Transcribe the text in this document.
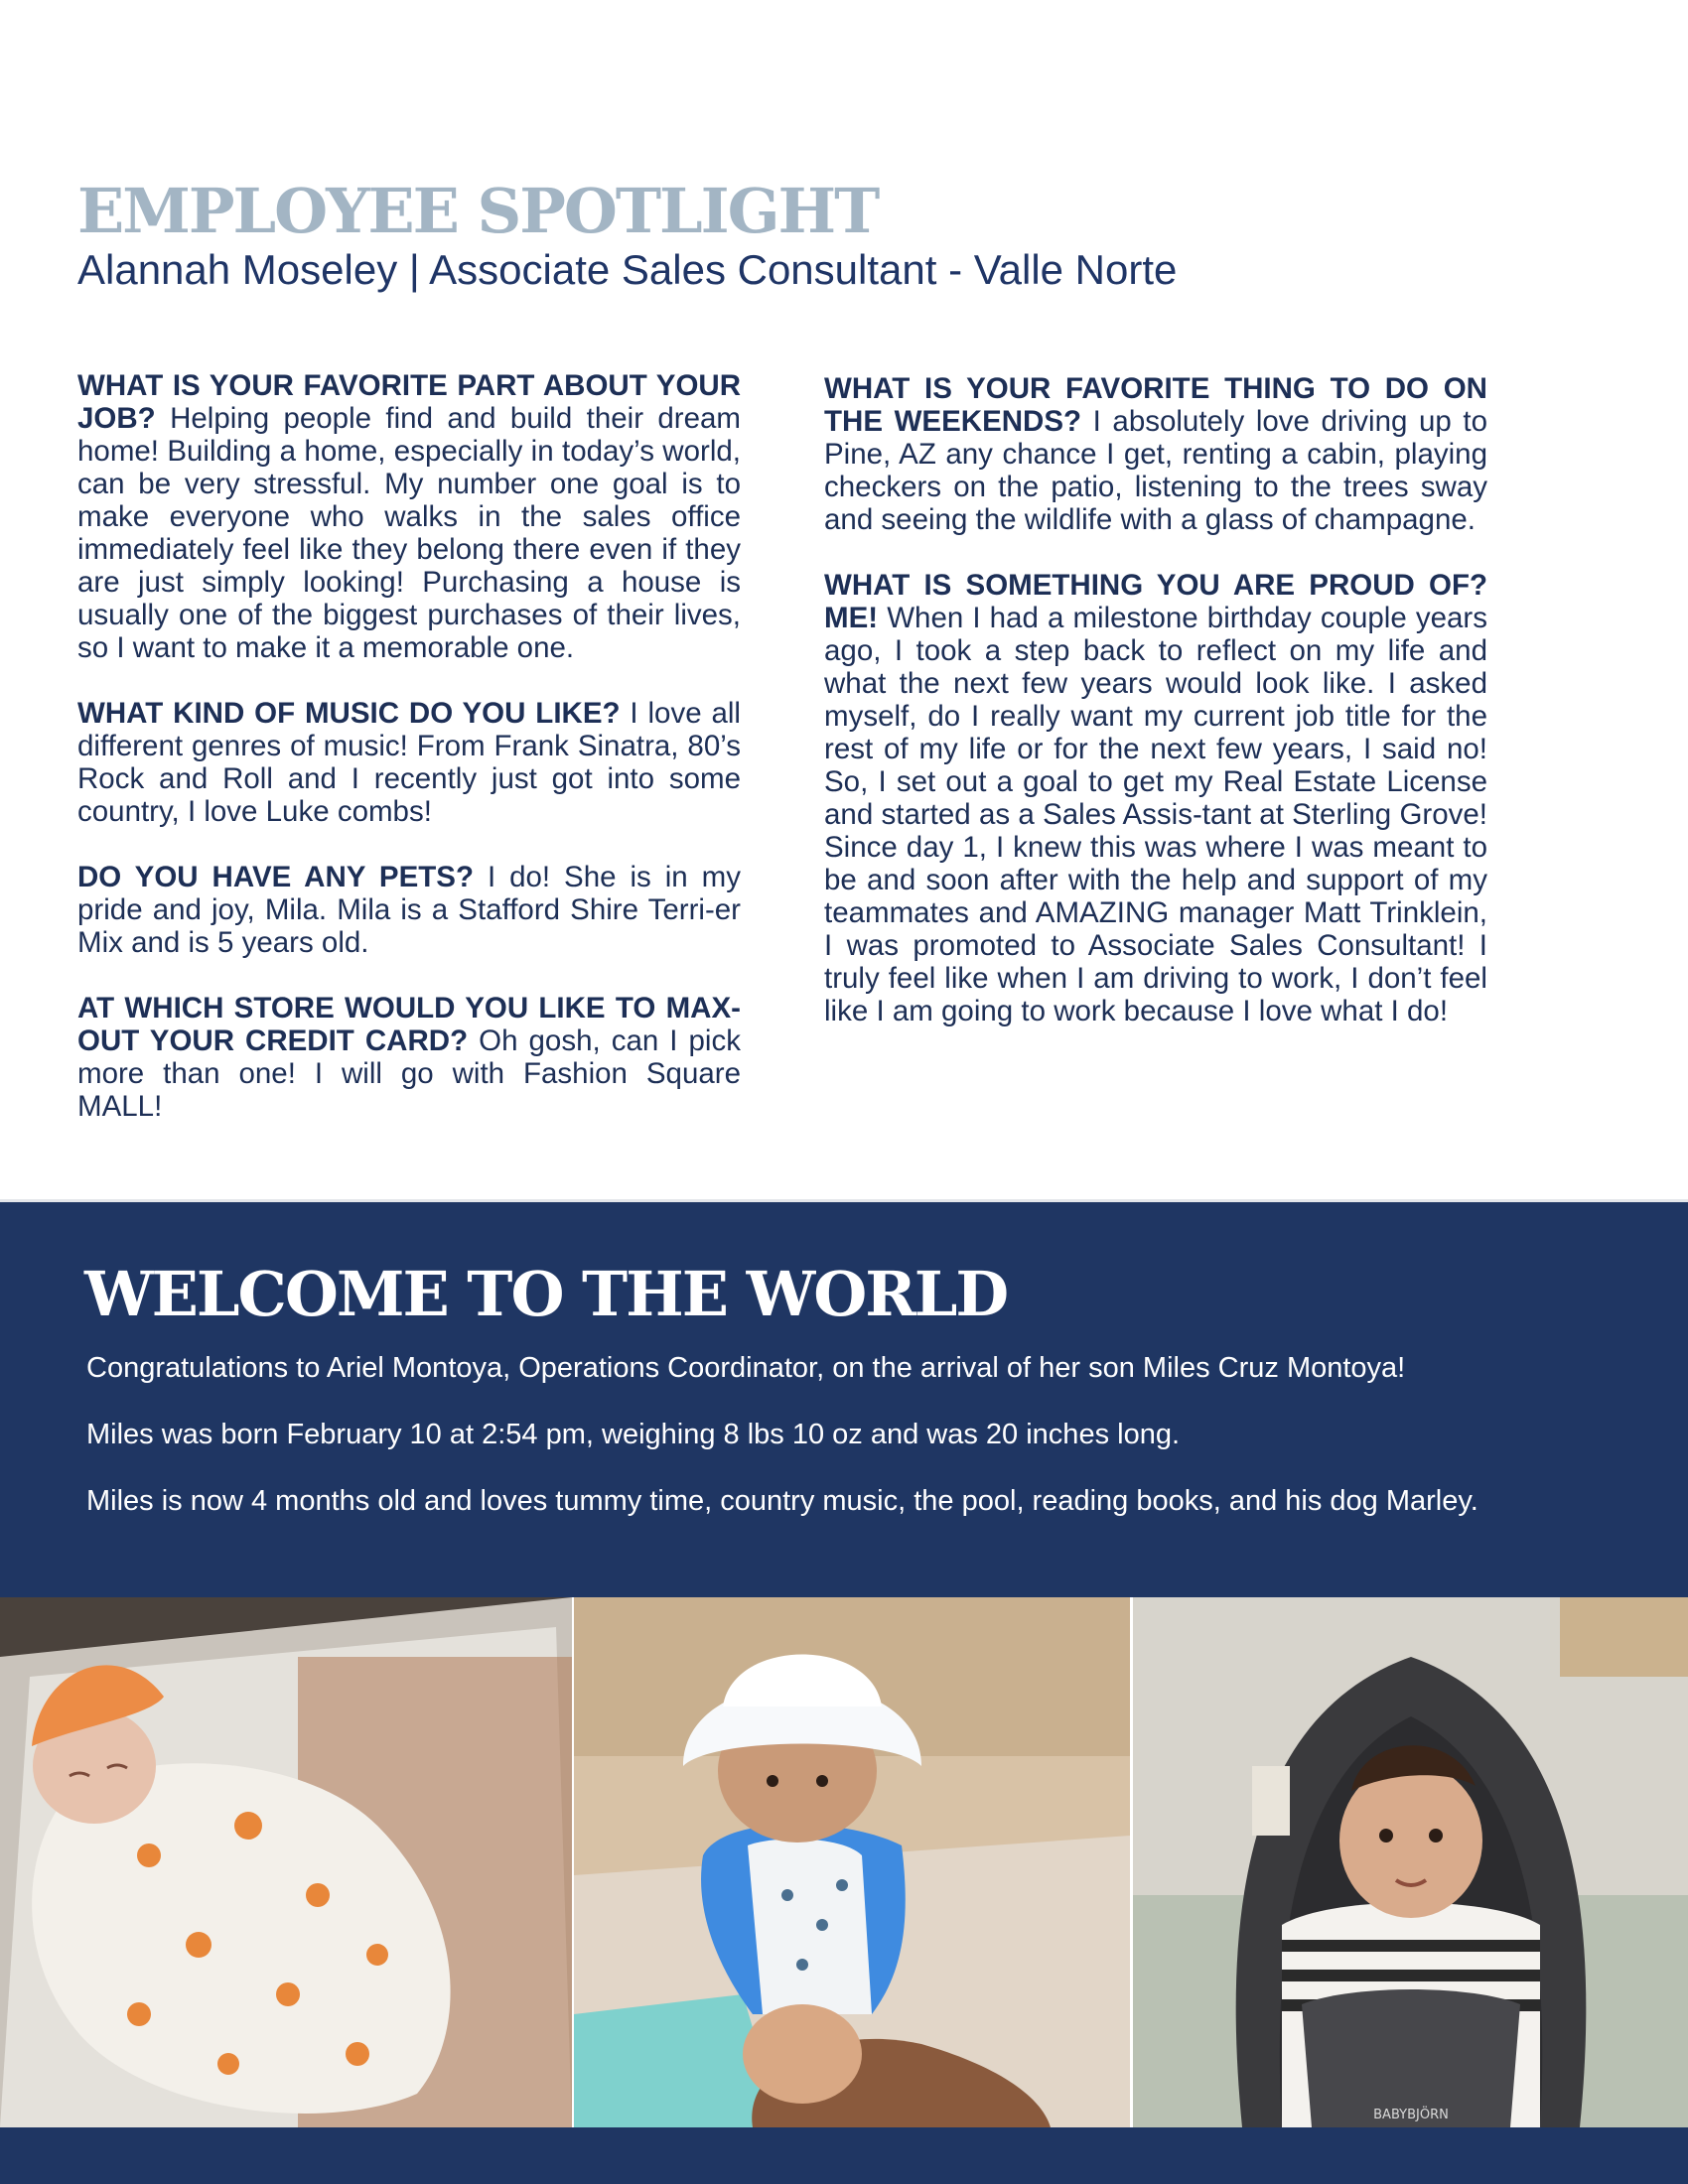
EMPLOYEE SPOTLIGHT
Alannah Moseley | Associate Sales Consultant - Valle Norte

WHAT IS YOUR FAVORITE PART ABOUT YOUR JOB? Helping people find and build their dream home! Building a home, especially in today’s world, can be very stressful. My number one goal is to make everyone who walks in the sales office immediately feel like they belong there even if they are just simply looking! Purchasing a house is usually one of the biggest purchases of their lives, so I want to make it a memorable one.

WHAT KIND OF MUSIC DO YOU LIKE? I love all different genres of music! From Frank Sinatra, 80’s Rock and Roll and I recently just got into some country, I love Luke combs!

DO YOU HAVE ANY PETS? I do! She is in my pride and joy, Mila. Mila is a Stafford Shire Terri-er Mix and is 5 years old.

AT WHICH STORE WOULD YOU LIKE TO MAX-OUT YOUR CREDIT CARD? Oh gosh, can I pick more than one! I will go with Fashion Square MALL!

WHAT IS YOUR FAVORITE THING TO DO ON THE WEEKENDS? I absolutely love driving up to Pine, AZ any chance I get, renting a cabin, playing checkers on the patio, listening to the trees sway and seeing the wildlife with a glass of champagne.

WHAT IS SOMETHING YOU ARE PROUD OF? ME! When I had a milestone birthday couple years ago, I took a step back to reflect on my life and what the next few years would look like. I asked myself, do I really want my current job title for the rest of my life or for the next few years, I said no! So, I set out a goal to get my Real Estate License and started as a Sales Assis-tant at Sterling Grove! Since day 1, I knew this was where I was meant to be and soon after with the help and support of my teammates and AMAZING manager Matt Trinklein, I was promoted to Associate Sales Consultant! I truly feel like when I am driving to work, I don’t feel like I am going to work because I love what I do!

WELCOME TO THE WORLD

Congratulations to Ariel Montoya, Operations Coordinator, on the arrival of her son Miles Cruz Montoya!

Miles was born February 10 at 2:54 pm, weighing 8 lbs 10 oz and was 20 inches long.

Miles is now 4 months old and loves tummy time, country music, the pool, reading books, and his dog Marley.

BABYBJÖRN
